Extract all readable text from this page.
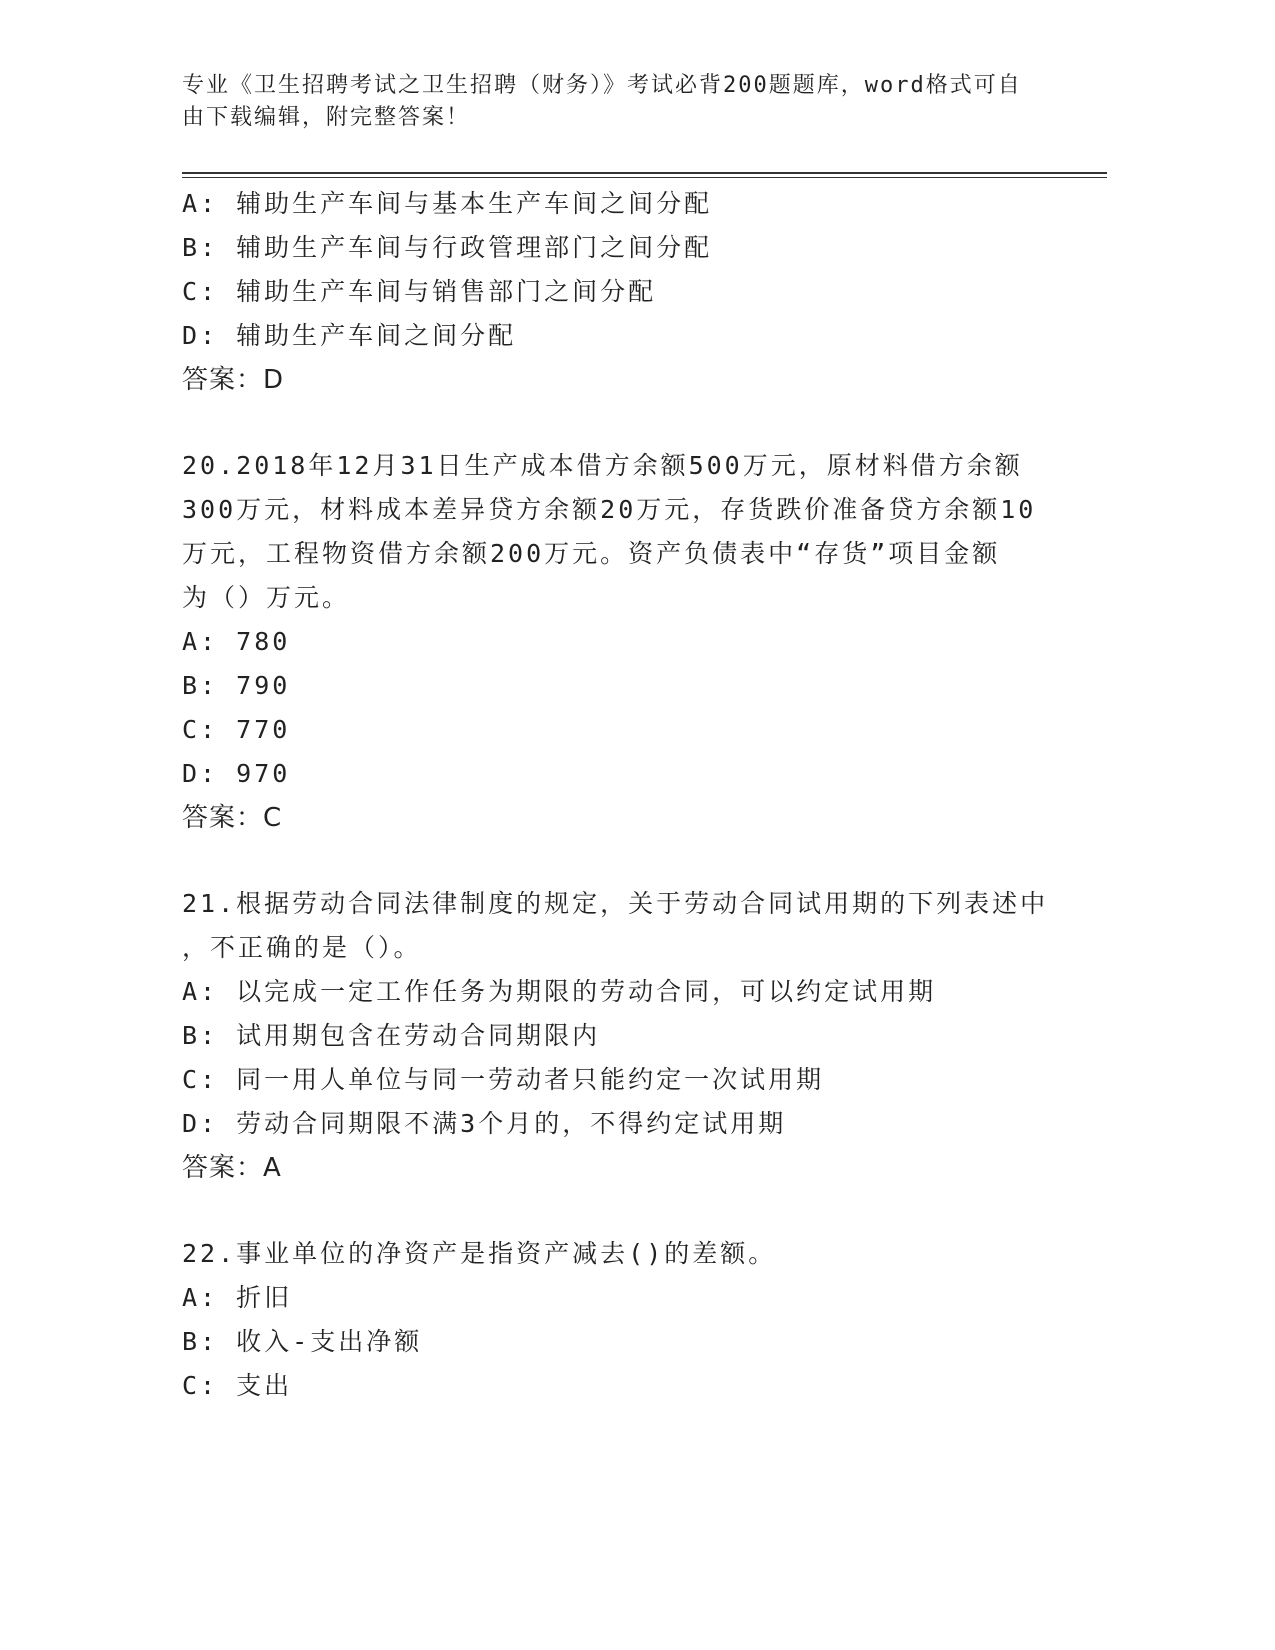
专业《卫生招聘考试之卫生招聘（财务）》考试必背200题题库，word格式可自
由下载编辑，附完整答案！

A: 辅助生产车间与基本生产车间之间分配

B: 辅助生产车间与行政管理部门之间分配

C: 辅助生产车间与销售部门之间分配

D: 辅助生产车间之间分配

答案：D

20.2018年12月31日生产成本借方余额500万元，原材料借方余额

300万元，材料成本差异贷方余额20万元，存货跌价准备贷方余额10

万元，工程物资借方余额200万元。资产负债表中“存货”项目金额

为（）万元。

A: 780

B: 790

C: 770

D: 970

答案：C

21.根据劳动合同法律制度的规定，关于劳动合同试用期的下列表述中

，不正确的是（）。

A: 以完成一定工作任务为期限的劳动合同，可以约定试用期

B: 试用期包含在劳动合同期限内

C: 同一用人单位与同一劳动者只能约定一次试用期

D: 劳动合同期限不满3个月的，不得约定试用期

答案：A

22.事业单位的净资产是指资产减去()的差额。

A: 折旧

B: 收入-支出净额

C: 支出
